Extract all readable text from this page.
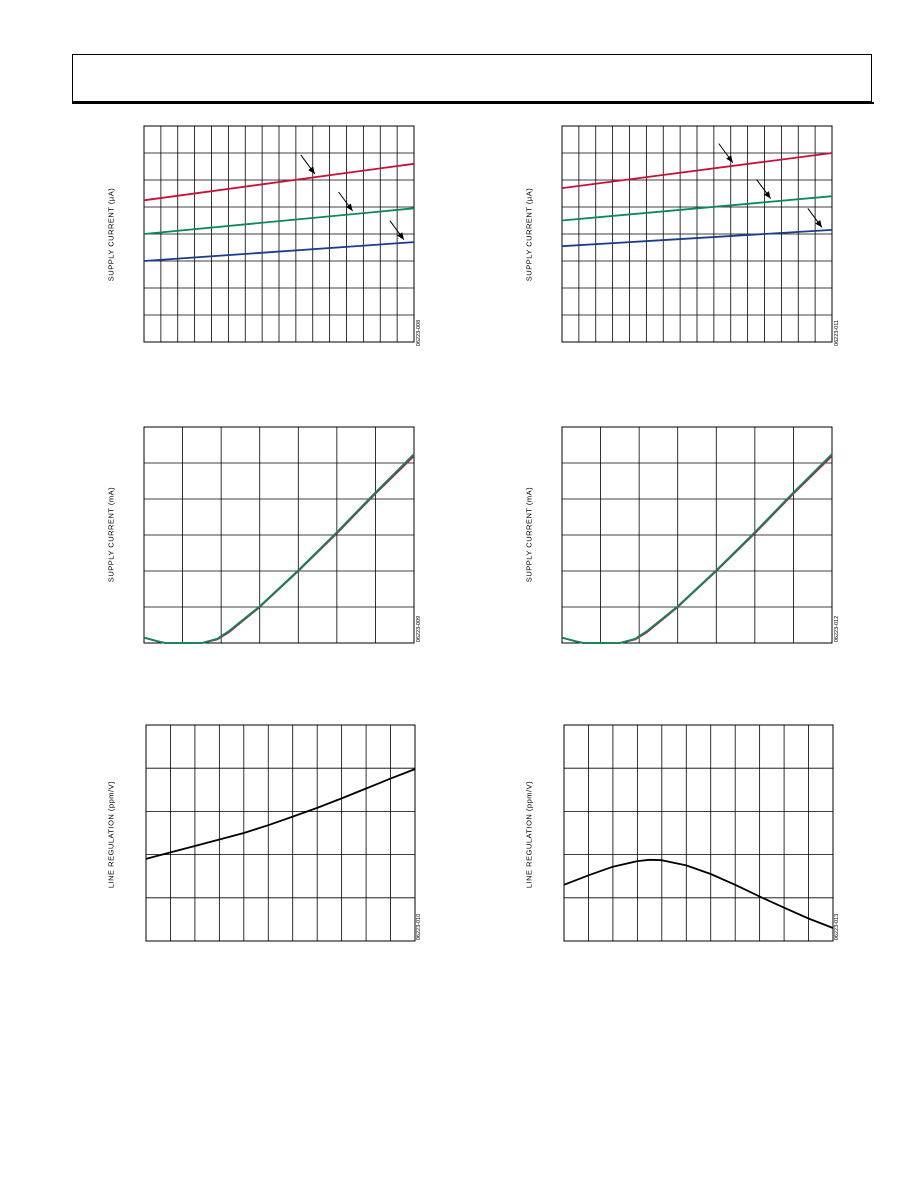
SUPPLY CURRENT (µA)
06223-008
SUPPLY CURRENT (µA)
06223-011
SUPPLY CURRENT (mA)
06223-009
SUPPLY CURRENT (mA)
06223-012
LINE REGULATION (ppm/V)
06223-010
LINE REGULATION (ppm/V)
06223-013
